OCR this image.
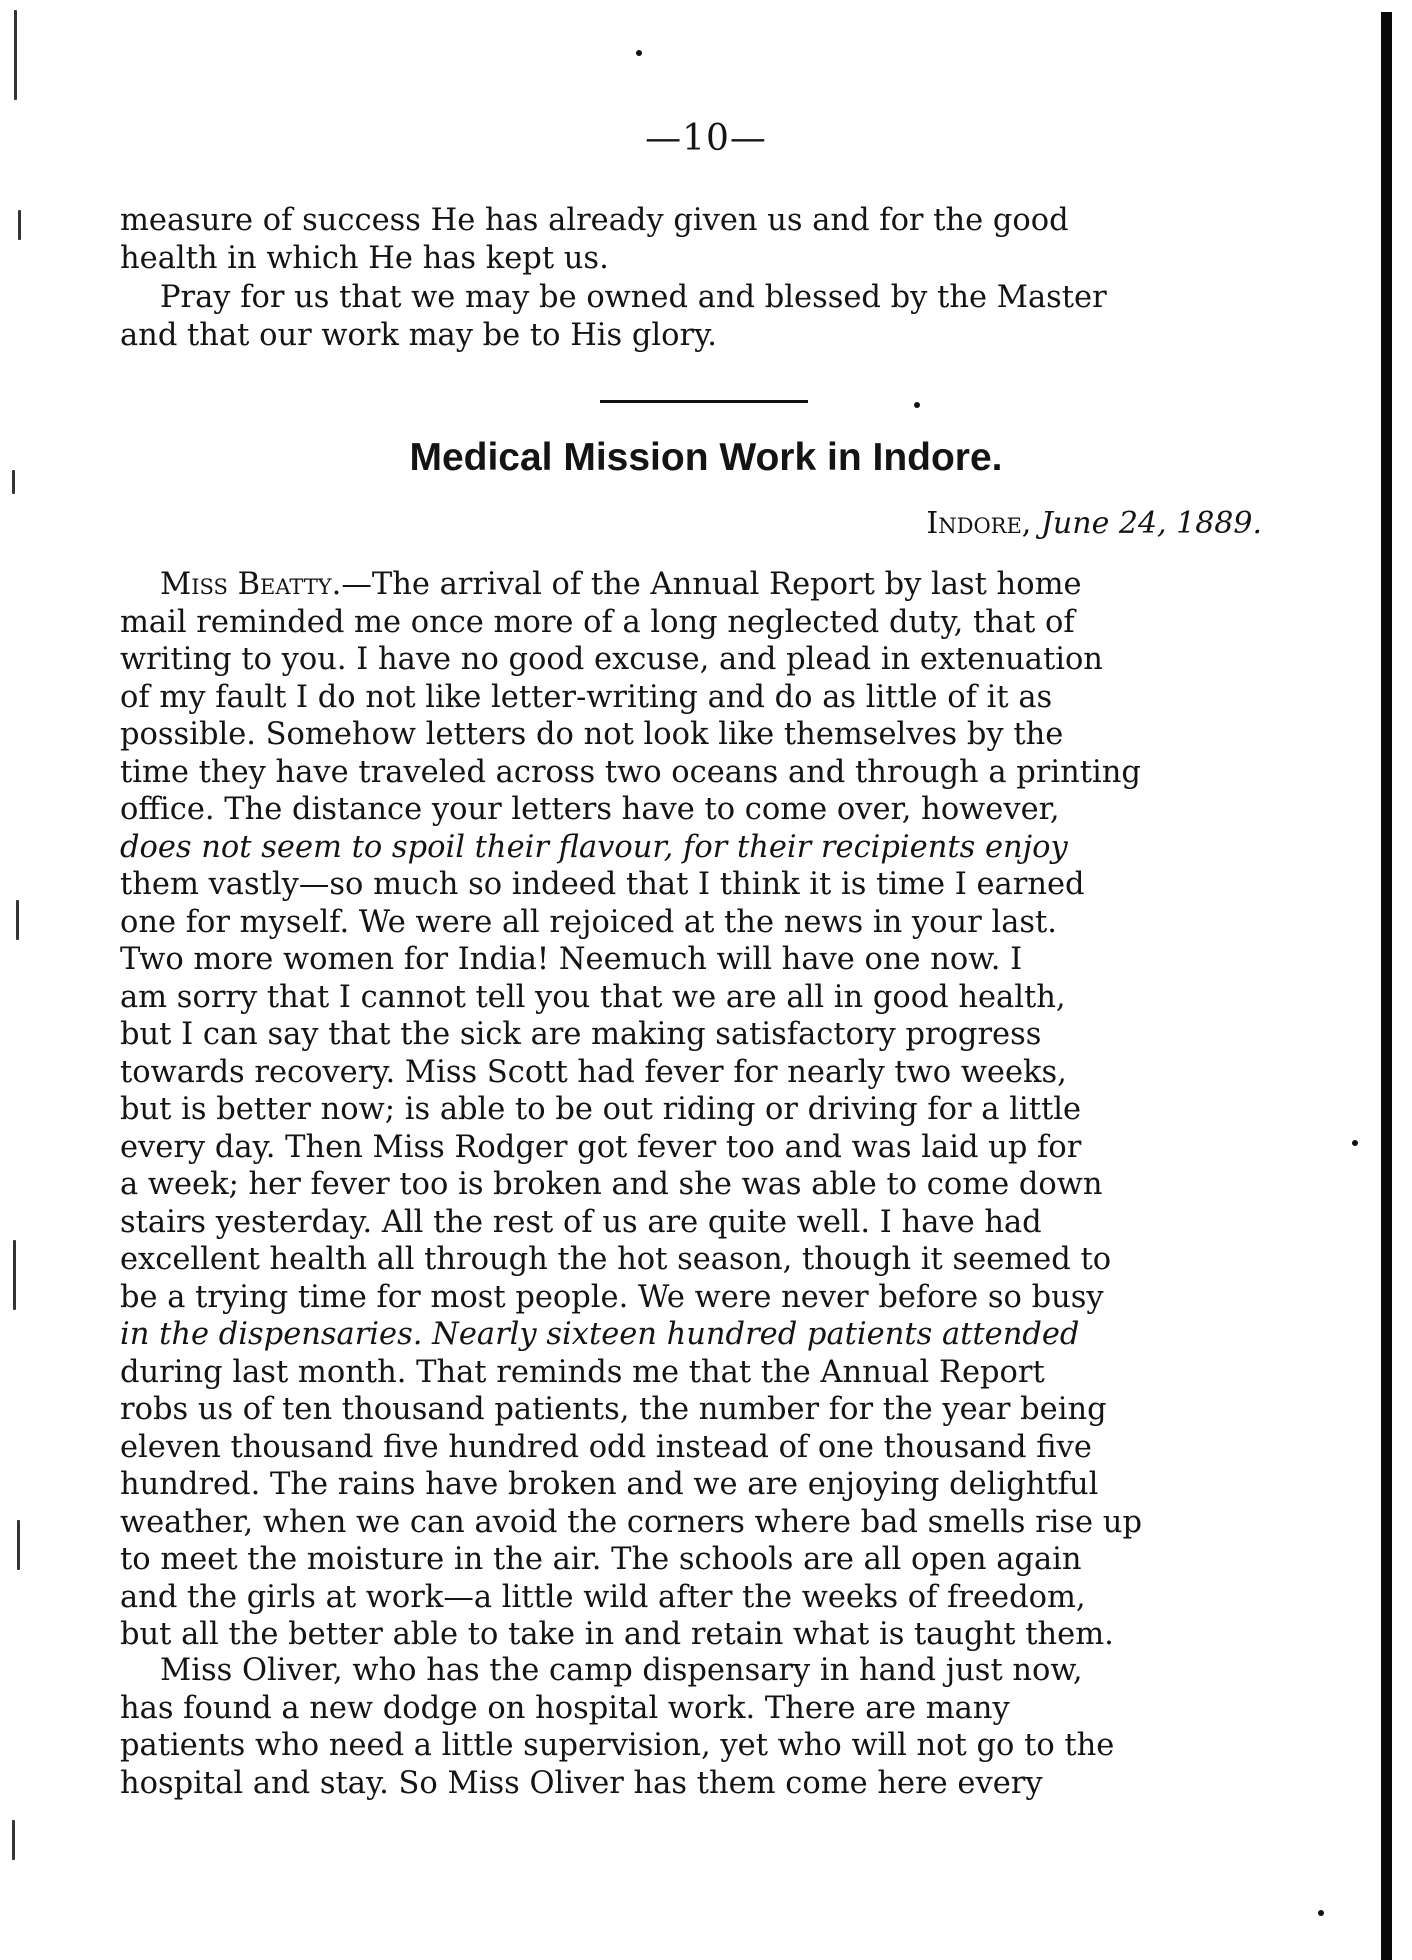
—10—
measure of success He has already given us and for the good
health in which He has kept us.
Pray for us that we may be owned and blessed by the Master
and that our work may be to His glory.
Medical Mission Work in Indore.
Indore, June 24, 1889.
Miss Beatty.—The arrival of the Annual Report by last home
mail reminded me once more of a long neglected duty, that of
writing to you. I have no good excuse, and plead in extenuation
of my fault I do not like letter-writing and do as little of it as
possible. Somehow letters do not look like themselves by the
time they have traveled across two oceans and through a printing
office. The distance your letters have to come over, however,
does not seem to spoil their flavour, for their recipients enjoy
them vastly—so much so indeed that I think it is time I earned
one for myself. We were all rejoiced at the news in your last.
Two more women for India! Neemuch will have one now. I
am sorry that I cannot tell you that we are all in good health,
but I can say that the sick are making satisfactory progress
towards recovery. Miss Scott had fever for nearly two weeks,
but is better now; is able to be out riding or driving for a little
every day. Then Miss Rodger got fever too and was laid up for
a week; her fever too is broken and she was able to come down
stairs yesterday. All the rest of us are quite well. I have had
excellent health all through the hot season, though it seemed to
be a trying time for most people. We were never before so busy
in the dispensaries. Nearly sixteen hundred patients attended
during last month. That reminds me that the Annual Report
robs us of ten thousand patients, the number for the year being
eleven thousand five hundred odd instead of one thousand five
hundred. The rains have broken and we are enjoying delightful
weather, when we can avoid the corners where bad smells rise up
to meet the moisture in the air. The schools are all open again
and the girls at work—a little wild after the weeks of freedom,
but all the better able to take in and retain what is taught them.
Miss Oliver, who has the camp dispensary in hand just now,
has found a new dodge on hospital work. There are many
patients who need a little supervision, yet who will not go to the
hospital and stay. So Miss Oliver has them come here every
